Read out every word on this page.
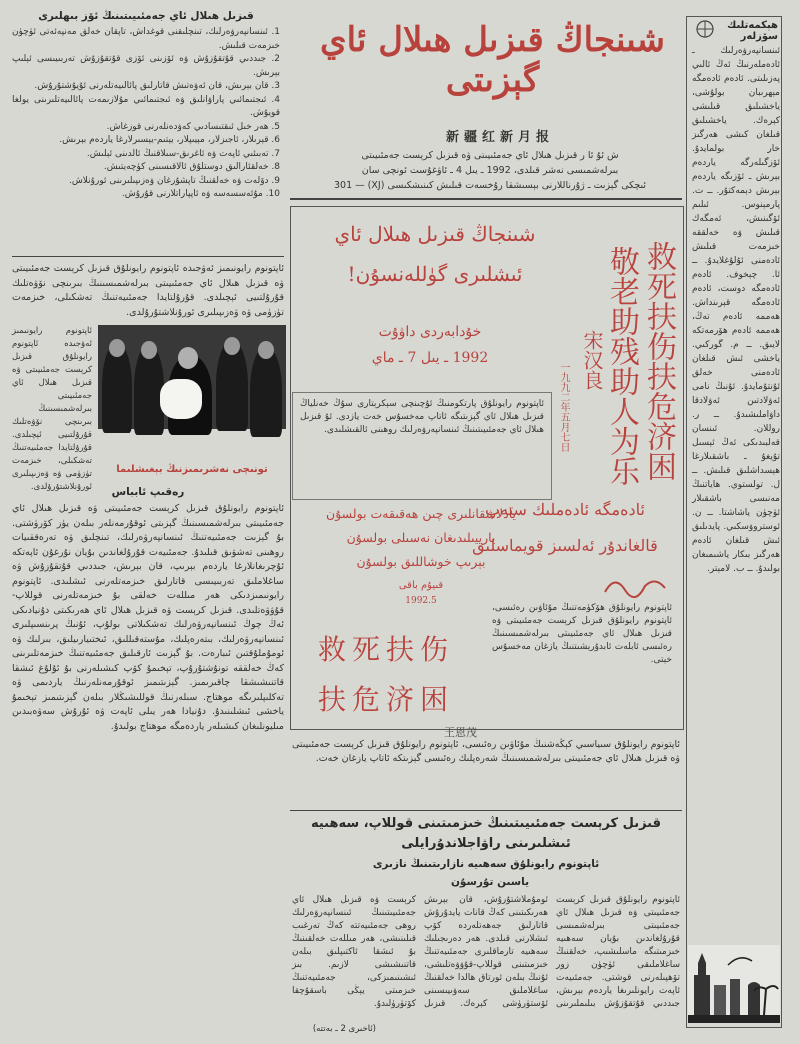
شىنجاڭ قىزىل ھىلال ئاي گېزىتى
新疆红新月报
ش ئۇ ئا ر قىزىل ھىلال ئاي جەمئىيىتى ۋە قىزىل كرېست جەمئىيىتى
بىرلەشمىسى نەشر قىلدى، 1992 ـ يىل 4 ـ ئاۋغۇست ئونچى سان
ئىچكى گېزىت ـ ژۇرناللارنى بېسىشقا رۇخسەت قىلىش كىنىشكىسى (XJ) — 301
قىزىل ھىلال ئاي جەمئىيىتىنىڭ ئۆز بىھلىرى
1. ئىنسانپەرۋەرلىك، تىنچلىقنى قوغداش، تاپقان خەلق مەنپەئەتى ئۈچۈن خىزمەت قىلىش.
2. جىددىي قۇتقۇزۇش ۋە ئۆزىنى ئۆزى قۇتقۇزۇش تەربىيىسى ئېلىپ بېرىش.
3. قان بېرىش، قان ئەۋەتىش قاتارلىق پائالىيەتلەرنى ئۇيۇشتۇرۇش.
4. ئىجتىمائىي پاراۋانلىق ۋە ئىجتىمائىي مۇلازىمەت پائالىيەتلىرىنى يولغا قويۇش.
5. ھەر خىل ئىقتىسادىي كەۋدەنلەرنى قوزغاش.
6. قېرىلار، ئاجىزلار، مېيىپلار، يېتىم-يېسىرلارغا ياردەم بېرىش.
7. تەبىئىي ئاپەت ۋە ئاغرىق-سىلاقنىڭ ئالدىنى ئېلىش.
8. خەلقئارالىق دوستلۇق ئالاقىسىنى كۈچەيتىش.
9. دۆلەت ۋە خەلقنىڭ تاپشۇرغان ۋەزىپىلىرىنى ئورۇنلاش.
10. مۇئەسسەسە ۋە ئاپپاراتلارنى قۇرۇش.
ئاپتونوم رايونىمىز ئەۋجىدە ئاپتونوم رايونلۇق قىزىل كرېست جەمئىيىتى ۋە قىزىل ھىلال ئاي جەمئىيىتى بىرلەشمىسىنىڭ بىرىنچى نۆۋەتلىك قۇرۇلتىيى ئېچىلدى. قۇرۇلتايدا جەمئىيەتنىڭ تەشكىلى، خىزمەت تۈزۈمى ۋە ۋەزىپىلىرى ئورۇنلاشتۇرۇلدى.
ئاپتونوم رايونىمىز ئەۋجىدە ئاپتونوم رايونلۇق قىزىل كرېست جەمئىيىتى ۋە قىزىل ھىلال ئاي جەمئىيىتى بىرلەشمىسىنىڭ بىرىنچى نۆۋەتلىك قۇرۇلتىيى ئېچىلدى. قۇرۇلتايدا جەمئىيەتنىڭ تەشكىلى، خىزمەت تۈزۈمى ۋە ۋەزىپىلىرى ئورۇنلاشتۇرۇلدى.
تونىچى نەشرىمىزنىڭ بېغىشلىما
رەقىپ ئابباس
ئاپتونوم رايونلۇق قىزىل كرېست جەمئىيىتى ۋە قىزىل ھىلال ئاي جەمئىيىتى بىرلەشمىسىنىڭ گېزىتى ئوقۇرمەنلەر بىلەن يۈز كۆرۈشتى. بۇ گېزىت جەمئىيەتنىڭ ئىنسانپەرۋەرلىك، تىنچلىق ۋە تەرەققىيات روھىنى تەشۋىق قىلىدۇ. جەمئىيەت قۇرۇلغاندىن بۇيان نۇرغۇن ئاپەتكە ئۇچرىغانلارغا ياردەم بېرىپ، قان بېرىش، جىددىي قۇتقۇزۇش ۋە ساغلاملىق تەربىيىسى قاتارلىق خىزمەتلەرنى ئىشلىدى. ئاپتونوم رايونىمىزدىكى ھەر مىللەت خەلقى بۇ خىزمەتلەرنى قوللاپ-قۇۋۋەتلىدى. قىزىل كرېست ۋە قىزىل ھىلال ئاي ھەرىكىتى دۇنيادىكى ئەڭ چوڭ ئىنسانپەرۋەرلىك تەشكىلاتى بولۇپ، ئۇنىڭ پرىنسىپلىرى ئىنسانپەرۋەرلىك، بىتەرەپلىك، مۇستەقىللىق، ئىختىيارىيلىق، بىرلىك ۋە ئومۇملۇقتىن ئىبارەت. بۇ گېزىت ئارقىلىق جەمئىيەتنىڭ خىزمەتلىرىنى كەڭ خەلققە تونۇشتۇرۇپ، تېخىمۇ كۆپ كىشىلەرنى بۇ ئۇلۇغ ئىشقا قاتنىشىشقا چاقىرىمىز. گېزىتىمىز ئوقۇرمەنلەرنىڭ ياردىمى ۋە تەكلىپلىرىگە موھتاج. سىلەرنىڭ قوللىشىڭلار بىلەن گېزىتىمىز تېخىمۇ ياخشى ئىشلىنىدۇ. دۇنيادا ھەر يىلى ئاپەت ۋە ئۇرۇش سەۋەبىدىن مىليونلىغان كىشىلەر ياردەمگە موھتاج بولىدۇ.
شىنجاڭ قىزىل ھىلال ئاي
ئىشلىرى گۈللەنسۇن!
خۇدابەردى داۋۇت
1992 ـ يىل 7 ـ ماي	救死扶伤扶危济困
敬老助残助人为乐
宋汉良
一九九二年五月七日
ئاپتونوم رايونلۇق پارتكومنىڭ ئۇچىنچى سېكرېتارى سۇڭ خەنلياڭ قىزىل ھىلال ئاي گېزىتىگە ئاتاپ مەخسۇس خەت يازدى. ئۇ قىزىل ھىلال ئاي جەمئىيىتىنىڭ ئىنسانپەرۋەرلىك روھىنى ئالقىشلىدى.
يادلاشقانلىرى چىن ھەقىقەت بولسۇن
يارىيىلىدىغان نەسىلى بولسۇن
بېرىپ خوشاللىق بولسۇن
قىيۇم باقى
1992.5
ئادەمگە ئادەملىك ستەپ
قالغاندۇر ئەلسىز قويماسلىق
救死扶伤
扶危济困
王恩茂
ئاپتونوم رايونلۇق ھۆكۈمەتنىڭ مۇئاۋىن رەئىسى، ئاپتونوم رايونلۇق قىزىل كرېست جەمئىيىتى ۋە قىزىل ھىلال ئاي جەمئىيىتى بىرلەشمىسىنىڭ رەئىسى ئابلەت ئابدۇرېشىتنىڭ يازغان مەخسۇس خېتى.
ئاپتونوم رايونلۇق سىياسىي كېڭەشنىڭ مۇئاۋىن رەئىسى، ئاپتونوم رايونلۇق قىزىل كرېست جەمئىيىتى ۋە قىزىل ھىلال ئاي جەمئىيىتى بىرلەشمىسىنىڭ شەرەپلىك رەئىسى گېزىتكە ئاتاپ يازغان خەت.
قىزىل كرېست جەمئىيىتىنىڭ خىزمىتىنى قوللاپ، سەھىيە
ئىشلىرىنى راۋاجلاندۇرايلى
ئاپتونوم رايونلۇق سەھىيە نازارىتىنىڭ نازىرى
ياسىن تۇرسۇن
ئاپتونوم رايونلۇق قىزىل كرېست جەمئىيىتى ۋە قىزىل ھىلال ئاي جەمئىيىتى بىرلەشمىسى قۇرۇلغاندىن بۇيان سەھىيە خىزمىتىگە ماسلىشىپ، خەلقنىڭ ساغلاملىقى ئۈچۈن زور تۆھپىلەرنى قوشتى. جەمئىيەت ئاپەت رايونلىرىغا ياردەم بېرىش، جىددىي قۇتقۇزۇش بىلىملىرىنى ئومۇملاشتۇرۇش، قان بېرىش ھەرىكىتىنى كەڭ قانات يايدۇرۇش قاتارلىق جەھەتلەردە كۆپ ئىشلارنى قىلدى. ھەر دەرىجىلىك سەھىيە تارماقلىرى جەمئىيەتنىڭ خىزمىتىنى قوللاپ-قۇۋۋەتلىشى، ئۇنىڭ بىلەن ئورتاق ھالدا خەلقنىڭ ساغلاملىق سەۋىيىسىنى ئۆستۈرۈشى كېرەك. قىزىل كرېست ۋە قىزىل ھىلال ئاي جەمئىيىتىنىڭ ئىنسانپەرۋەرلىك روھى جەمئىيەتتە كەڭ تەرغىب قىلىنىشى، ھەر مىللەت خەلقىنىڭ بۇ ئىشقا ئاكتىپلىق بىلەن قاتنىشىشى لازىم. بىز ئىشىنىمىزكى، جەمئىيەتنىڭ خىزمىتى يېڭى باسقۇچقا كۆتۈرۈلىدۇ.
(ئاخىرى 2 ـ بەتتە)
ھېكمەتلىك سۆزلەر
ئىنسانپەرۋەرلىك ـ ئادەملەرنىڭ ئەڭ ئالىي پەزىلىتى. ئادەم ئادەمگە مېھرىبان بولۇشى، ياخشىلىق قىلىشى كېرەك. ياخشىلىق قىلغان كىشى ھەرگىز خار بولمايدۇ. ئۆزگىلەرگە ياردەم بېرىش ـ ئۆزىگە ياردەم بېرىش دېمەكتۇر. ــ ت. پارمېنوس. ئىلىم ئۆگىنىش، ئەمگەك قىلىش ۋە خەلققە خىزمەت قىلىش ئادەمنى ئۇلۇغلايدۇ. ــ ئا. چېخوف. ئادەم ئادەمگە دوست، ئادەم ئادەمگە قېرىنداش. ھەممە ئادەم تەڭ، ھەممە ئادەم ھۆرمەتكە لايىق. ــ م. گوركىي. ياخشى ئىش قىلغان ئادەمنى خەلق ئۇنتۇمايدۇ. ئۇنىڭ نامى ئەۋلادتىن ئەۋلادقا داۋاملىشىدۇ. ــ ر. روللان. ئىنسان قەلبىدىكى ئەڭ ئېسىل تۇيغۇ ـ باشقىلارغا ھېسداشلىق قىلىش. ــ ل. تولستوي. ھاياتنىڭ مەنىسى باشقىلار ئۈچۈن ياشاشتا. ــ ن. ئوستروۋسكىي. پايدىلىق ئىش قىلغان ئادەم ھەرگىز بىكار ياشىمىغان بولىدۇ. ــ ب. لامېتر.
